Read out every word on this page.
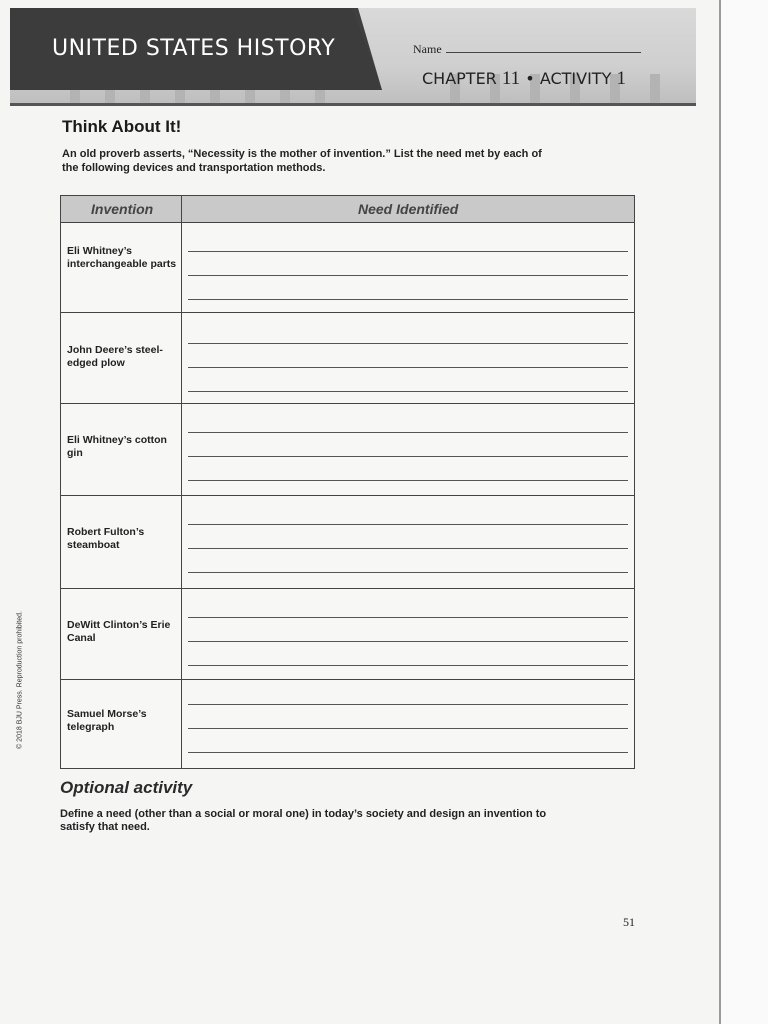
UNITED STATES HISTORY	Name
CHAPTER 11 • ACTIVITY 1
Think About It!
An old proverb asserts, “Necessity is the mother of invention.” List the need met by each of the following devices and transportation methods.
Invention	Need Identified
Eli Whitney’s interchangeable parts
John Deere’s steel-edged plow
Eli Whitney’s cotton gin
Robert Fulton’s steamboat
DeWitt Clinton’s Erie Canal
Samuel Morse’s telegraph
Optional activity
Define a need (other than a social or moral one) in today’s society and design an invention to satisfy that need.
51
© 2018 BJU Press. Reproduction prohibited.
